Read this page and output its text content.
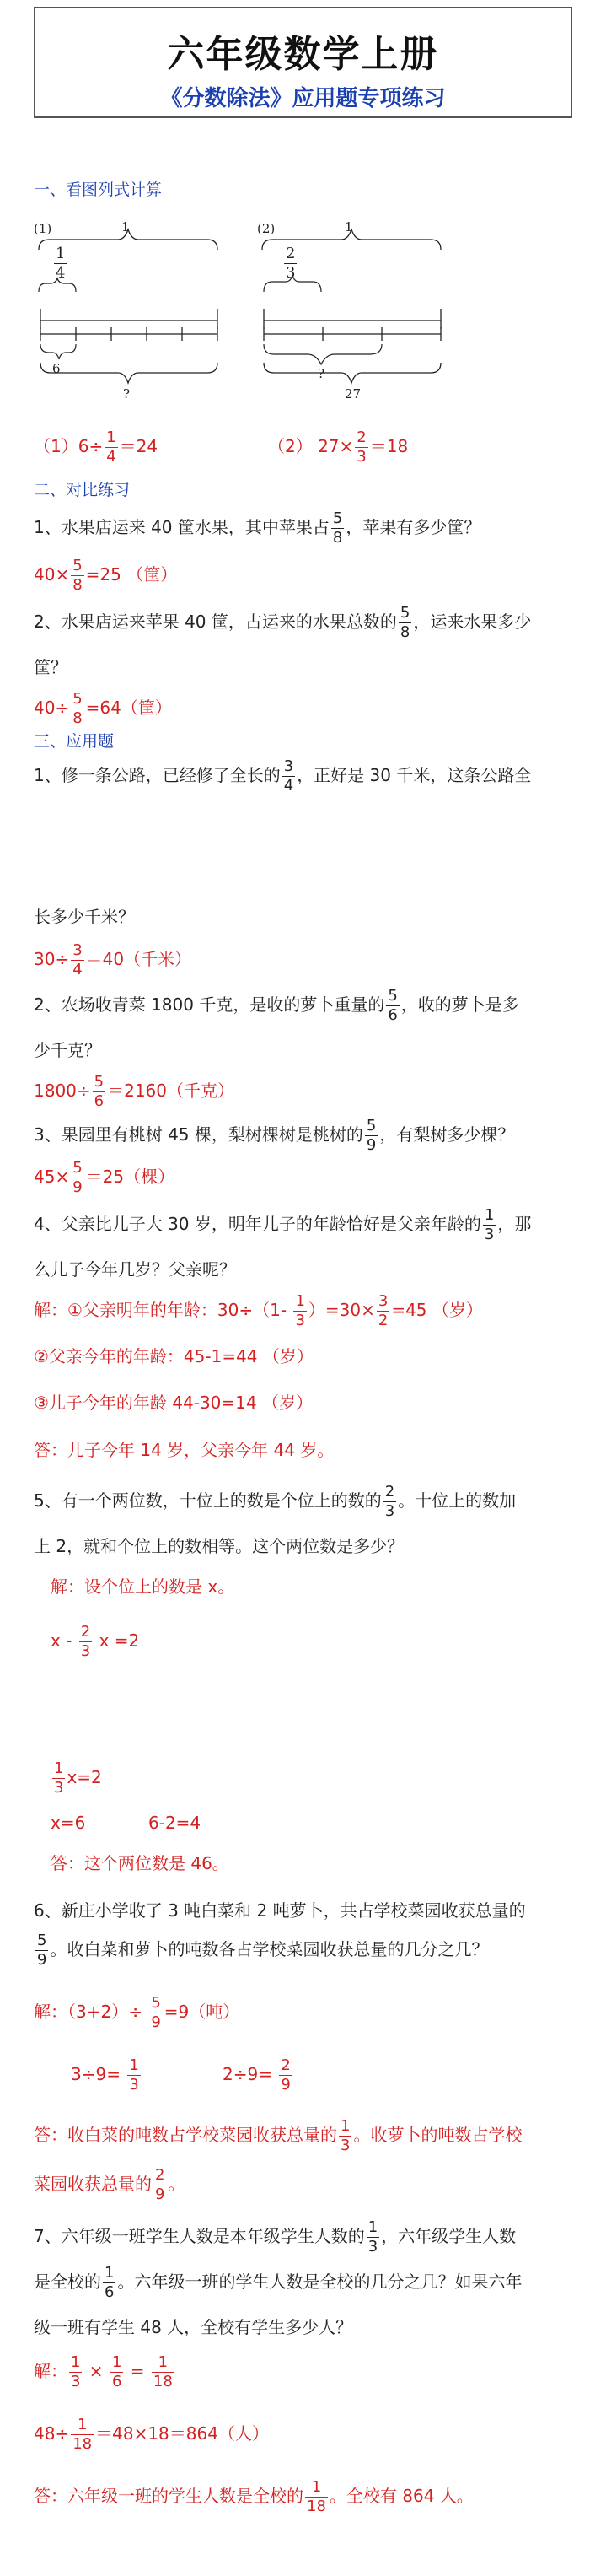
六年级数学上册
《分数除法》应用题专项练习
一、看图列式计算
(1)	1
$\frac{1}{4}$
6
?
(2)	1
$\frac{2}{3}$
?
27
$(1)6\div \frac{1}{4} =24$	（2） $27\times \frac{2}{3} =18$
二、对比练习
1、水果店运来 40 筐水果，其中苹果占 $\frac{5}{8}$ ，苹果有多少筐？
$40\times \frac{5}{8} =25$ （筐）
2、水果店运来苹果 40 筐，占运来的水果总数的 $\frac{5}{8}$ ，运来水果多少
筐？
$40\div \frac{5}{8} =64$（筐）
三、应用题
1、修一条公路，已经修了全长的 $\frac{3}{4}$ ，正好是 30 千米，这条公路全
长多少千米？
$30\div \frac{3}{4} =40$（千米）
2、农场收青菜 1800 千克，是收的萝卜重量的 $\frac{5}{6}$ ，收的萝卜是多
少千克？
$1800\div \frac{5}{6} =2160$（千克）
3、果园里有桃树 45 棵，梨树棵树是桃树的 $\frac{5}{9}$ ，有梨树多少棵？
$45\times \frac{5}{9} =25$（棵）
4、父亲比儿子大 30 岁，明年儿子的年龄恰好是父亲年龄的 $\frac{1}{3}$ ，那
么儿子今年几岁？父亲呢？
解：①父亲明年的年龄：$30\div(1- \frac{1}{3} )=30\times \frac{3}{2} =45$ （岁）
②父亲今年的年龄：45-1=44 （岁）
③儿子今年的年龄 44-30=14 （岁）
答：儿子今年 14 岁，父亲今年 44 岁。
5、有一个两位数，十位上的数是个位上的数的 $\frac{2}{3}$ 。十位上的数加
上 2，就和个位上的数相等。这个两位数是多少？
解：设个位上的数是 x。
x - $\frac{2}{3}$ x =2
$\frac{1}{3} x=2$
x=6	6-2=4
答：这个两位数是 46。
6、新庄小学收了 3 吨白菜和 2 吨萝卜，共占学校菜园收获总量的

$\frac{5}{9}$ 。收白菜和萝卜的吨数各占学校菜园收获总量的几分之几？
解：$(3+2)\div \frac{5}{9} =9$（吨）
$3\div 9= \frac{1}{3}$	$2\div 9= \frac{2}{9}$
答：收白菜的吨数占学校菜园收获总量的 $\frac{1}{3}$ 。收萝卜的吨数占学校
菜园收获总量的 $\frac{2}{9}$ 。
7、六年级一班学生人数是本年级学生人数的 $\frac{1}{3}$ ，六年级学生人数
是全校的 $\frac{1}{6}$ 。六年级一班的学生人数是全校的几分之几？如果六年
级一班有学生 48 人，全校有学生多少人？
解： $\frac{1}{3} \times \frac{1}{6} = \frac{1}{18}$
$48\div \frac{1}{18} =48\times 18=864$（人）
答：六年级一班的学生人数是全校的 $\frac{1}{18}$ 。全校有 864 人。
